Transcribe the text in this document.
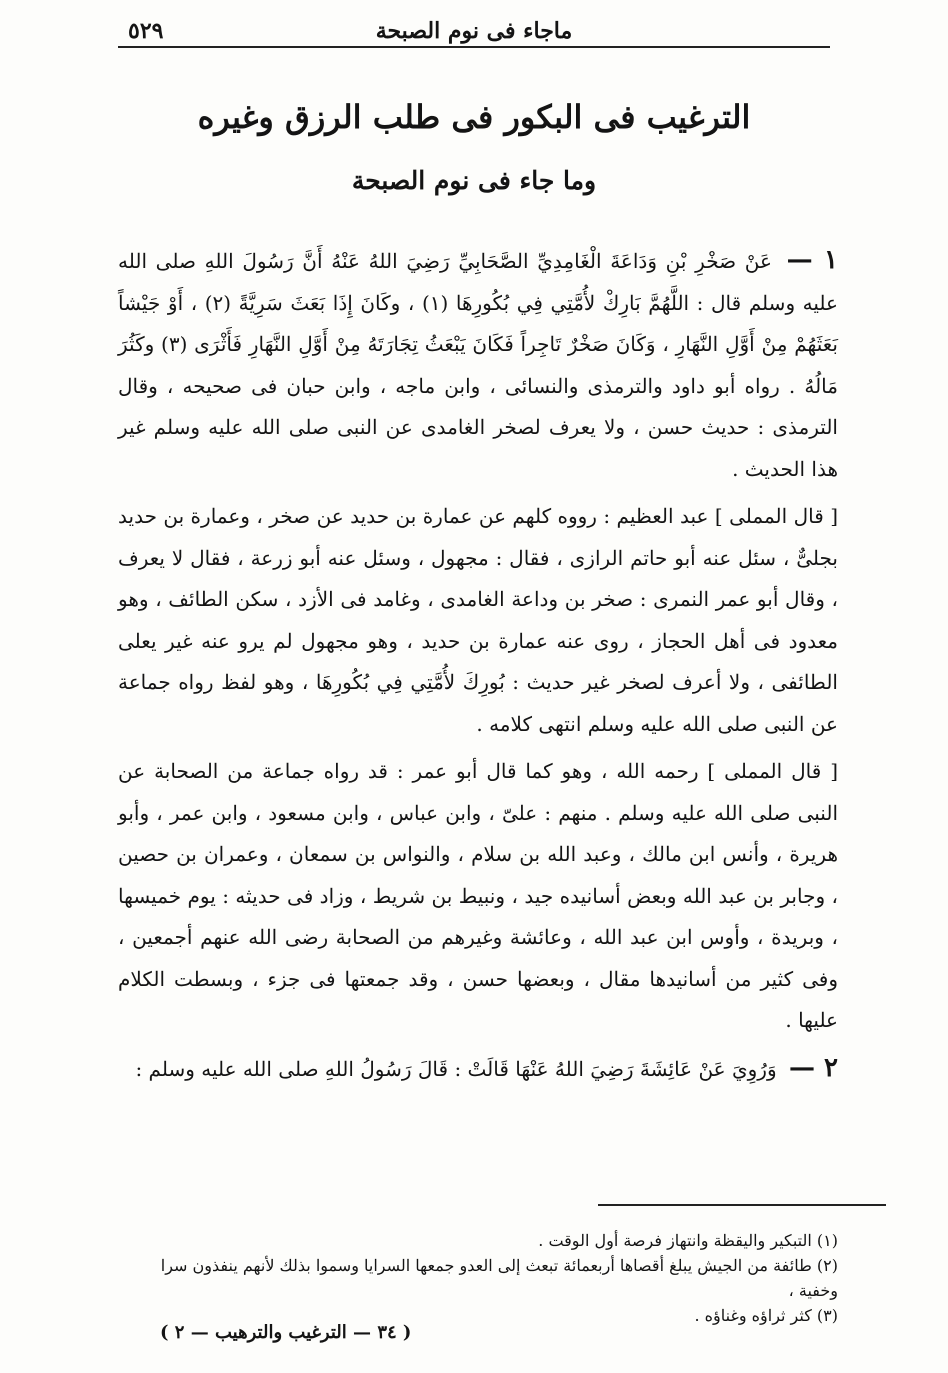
ماجاء فى نوم الصبحة
٥٢٩
الترغيب فى البكور فى طلب الرزق وغيره
وما جاء فى نوم الصبحة

١ — عَنْ صَخْرِ بْنِ وَدَاعَةَ الْغَامِدِيِّ الصَّحَابِيِّ رَضِيَ اللهُ عَنْهُ أَنَّ رَسُولَ اللهِ صلى الله عليه وسلم قال : اللَّهُمَّ بَارِكْ لأُمَّتِي فِي بُكُورِهَا (١) ، وكَانَ إِذَا بَعَثَ سَرِيَّةً (٢) ، أَوْ جَيْشاً بَعَثَهُمْ مِنْ أَوَّلِ النَّهَارِ ، وَكَانَ صَخْرٌ تَاجِراً فَكَانَ يَبْعَثُ تِجَارَتَهُ مِنْ أَوَّلِ النَّهَارِ فَأَثْرَى (٣) وكَثُرَ مَالُهُ . رواه أبو داود والترمذى والنسائى ، وابن ماجه ، وابن حبان فى صحيحه ، وقال الترمذى : حديث حسن ، ولا يعرف لصخر الغامدى عن النبى صلى الله عليه وسلم غير هذا الحديث .

[ قال المملى ] عبد العظيم : رووه كلهم عن عمارة بن حديد عن صخر ، وعمارة بن حديد بجلىٌّ ، سئل عنه أبو حاتم الرازى ، فقال : مجهول ، وسئل عنه أبو زرعة ، فقال لا يعرف ، وقال أبو عمر النمرى : صخر بن وداعة الغامدى ، وغامد فى الأزد ، سكن الطائف ، وهو معدود فى أهل الحجاز ، روى عنه عمارة بن حديد ، وهو مجهول لم يرو عنه غير يعلى الطائفى ، ولا أعرف لصخر غير حديث : بُورِكَ لأُمَّتِي فِي بُكُورِهَا ، وهو لفظ رواه جماعة عن النبى صلى الله عليه وسلم انتهى كلامه .

[ قال المملى ] رحمه الله ، وهو كما قال أبو عمر : قد رواه جماعة من الصحابة عن النبى صلى الله عليه وسلم . منهم : علىّ ، وابن عباس ، وابن مسعود ، وابن عمر ، وأبو هريرة ، وأنس ابن مالك ، وعبد الله بن سلام ، والنواس بن سمعان ، وعمران بن حصين ، وجابر بن عبد الله وبعض أسانيده جيد ، ونبيط بن شريط ، وزاد فى حديثه : يوم خميسها ، وبريدة ، وأوس ابن عبد الله ، وعائشة وغيرهم من الصحابة رضى الله عنهم أجمعين ، وفى كثير من أسانيدها مقال ، وبعضها حسن ، وقد جمعتها فى جزء ، وبسطت الكلام عليها .

٢ — وَرُوِيَ عَنْ عَائِشَةَ رَضِيَ اللهُ عَنْهَا قَالَتْ : قَالَ رَسُولُ اللهِ صلى الله عليه وسلم :

(١) التبكير واليقظة وانتهاز فرصة أول الوقت .

(٢) طائفة من الجيش يبلغ أقصاها أربعمائة تبعث إلى العدو جمعها السرايا وسموا بذلك لأنهم ينفذون سرا وخفية ،

(٣) كثر ثراؤه وغناؤه .

( ٣٤ — الترغيب والترهيب — ٢ )
